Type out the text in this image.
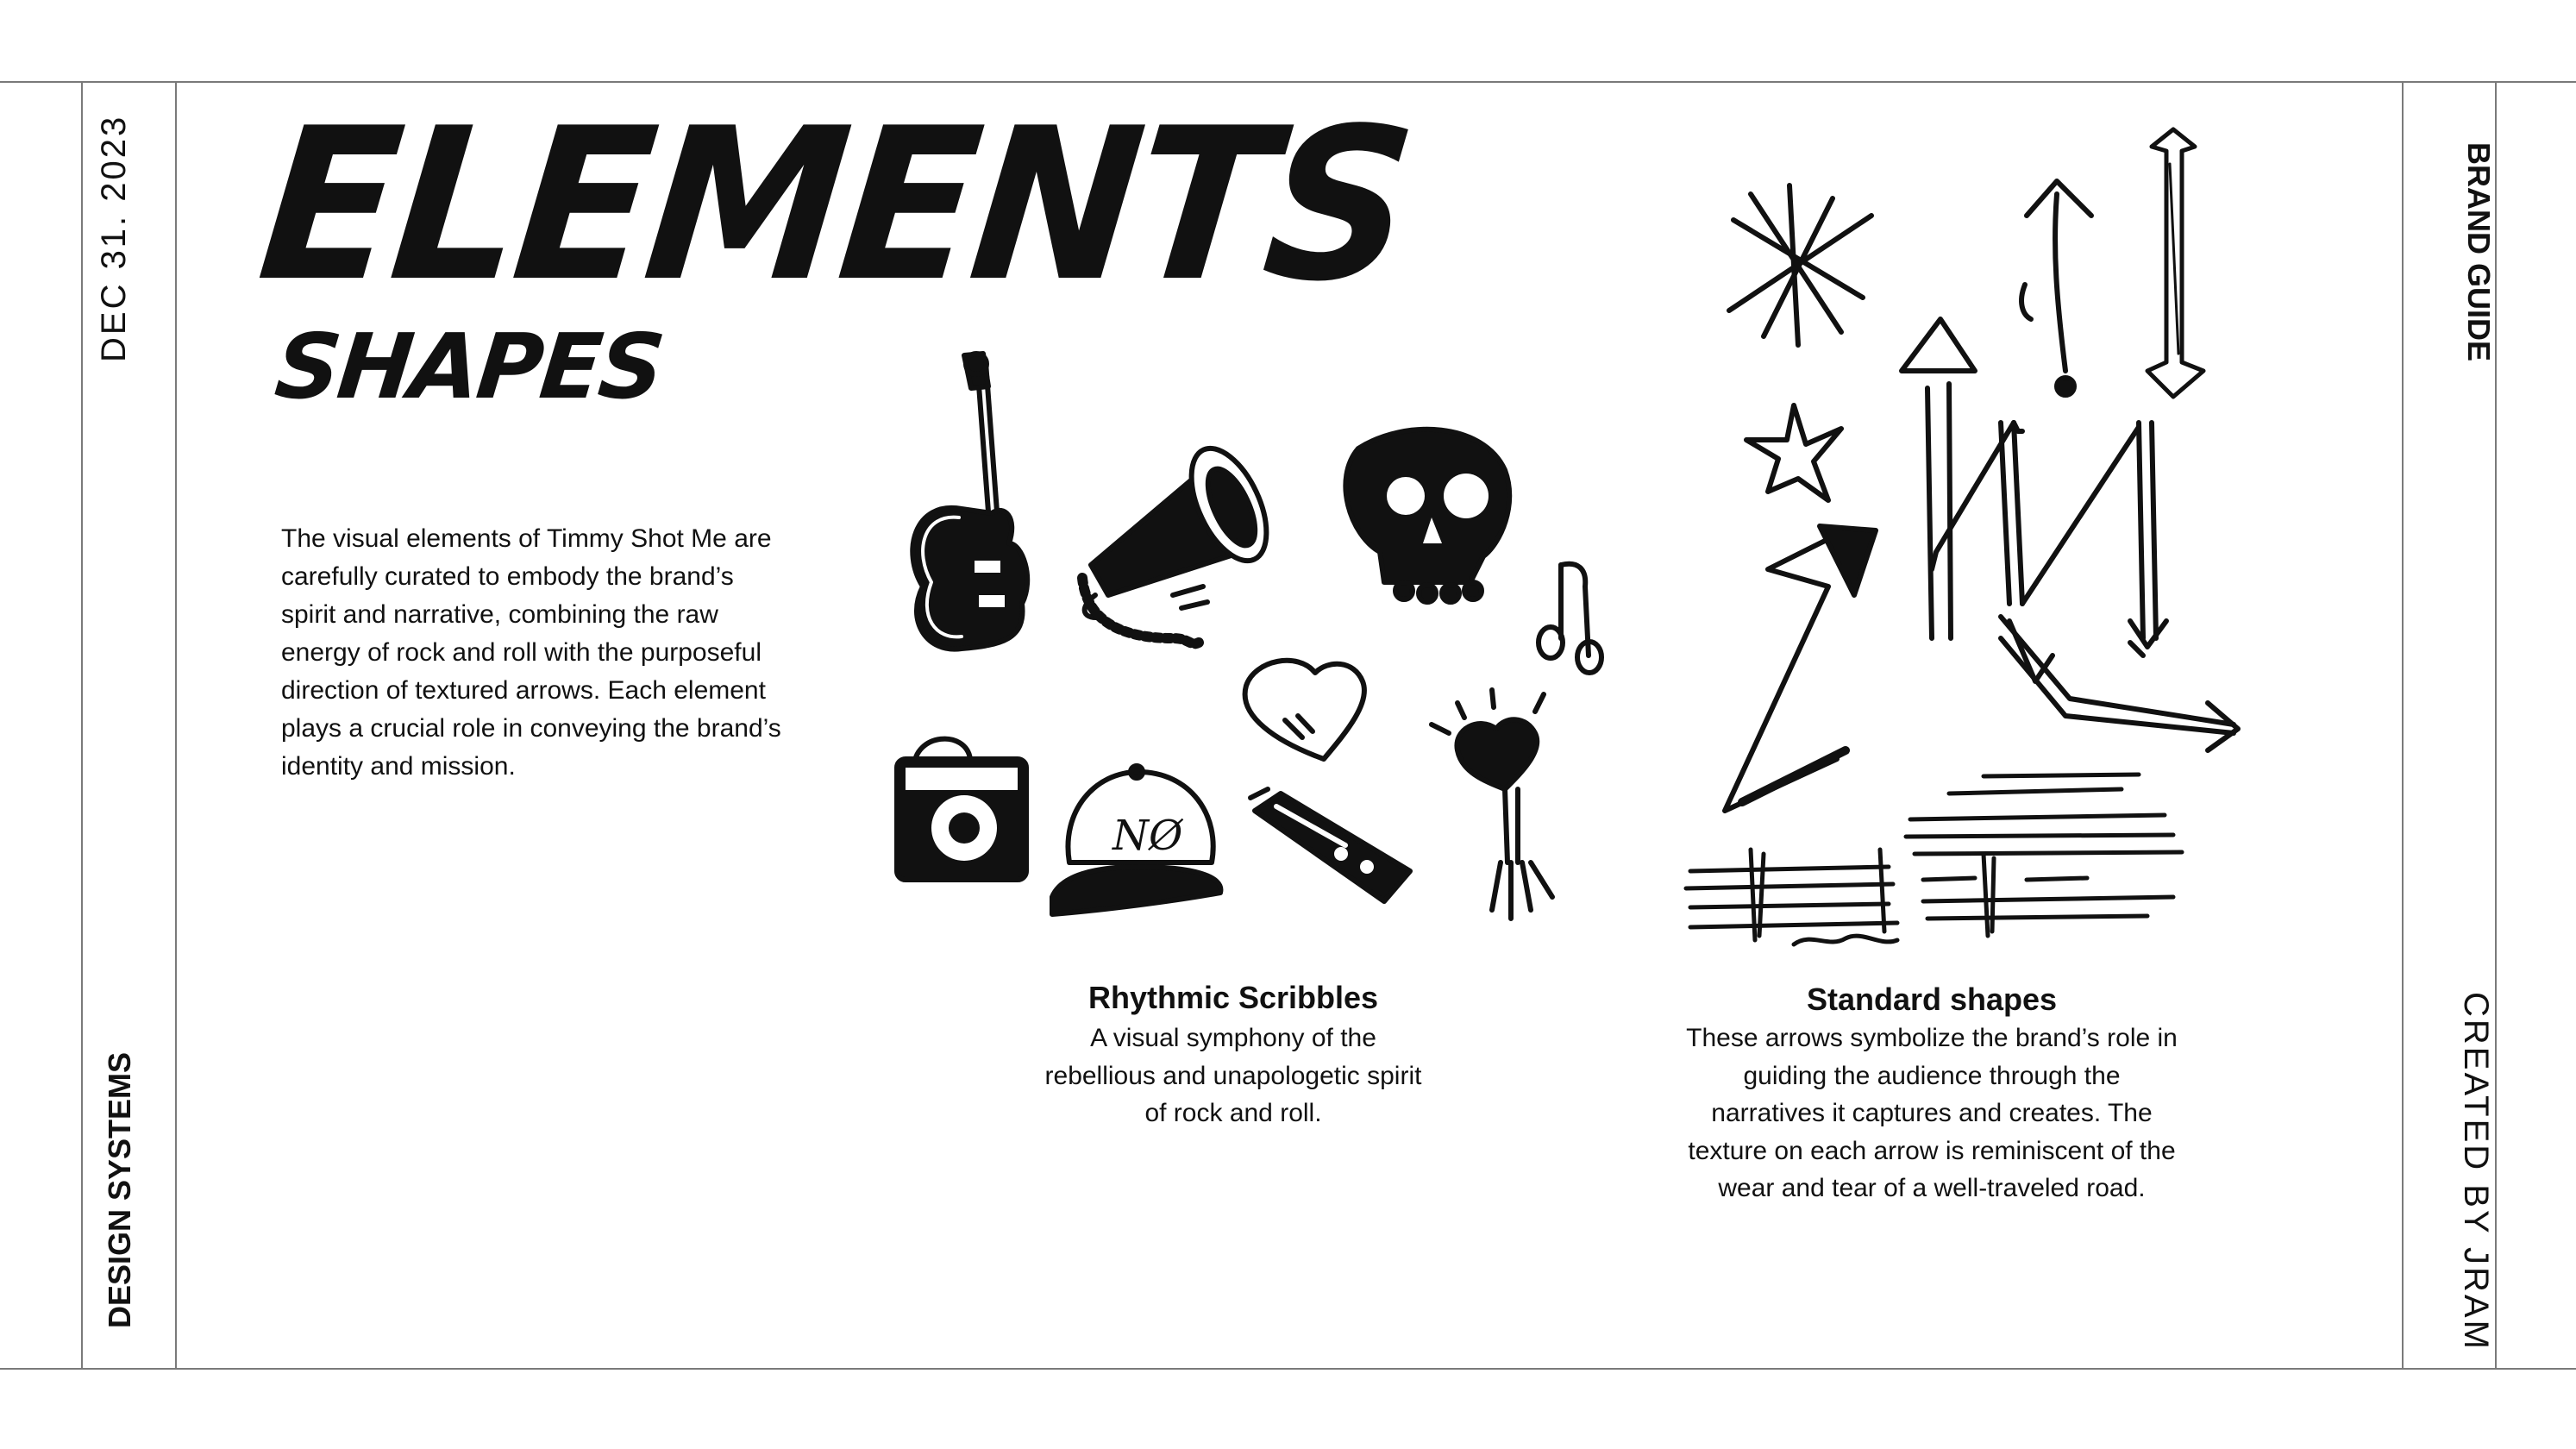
DEC 31. 2023
DESIGN SYSTEMS
BRAND GUIDE
CREATED BY JRAM
ELEMENTS
SHAPES

The visual elements of Timmy Shot Me are carefully curated to embody the brand’s spirit and narrative, combining the raw energy of rock and roll with the purposeful direction of textured arrows. Each element plays a crucial role in conveying the brand’s identity and mission.

NØ
Rhythmic Scribbles

A visual symphony of the rebellious and unapologetic spirit of rock and roll.

Standard shapes

These arrows symbolize the brand’s role in guiding the audience through the narratives it captures and creates. The texture on each arrow is reminiscent of the wear and tear of a well-traveled road.
